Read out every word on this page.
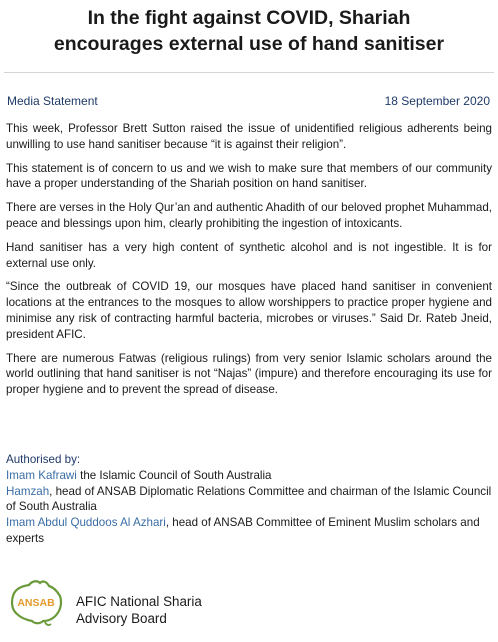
In the fight against COVID, Shariah
encourages external use of hand sanitiser
Media Statement	18 September 2020

This week, Professor Brett Sutton raised the issue of unidentified religious adherents being unwilling to use hand sanitiser because “it is against their religion”.

This statement is of concern to us and we wish to make sure that members of our community have a proper understanding of the Shariah position on hand sanitiser.

There are verses in the Holy Qur’an and authentic Ahadith of our beloved prophet Muhammad, peace and blessings upon him, clearly prohibiting the ingestion of intoxicants.

Hand sanitiser has a very high content of synthetic alcohol and is not ingestible. It is for external use only.

“Since the outbreak of COVID 19, our mosques have placed hand sanitiser in convenient locations at the entrances to the mosques to allow worshippers to practice proper hygiene and minimise any risk of contracting harmful bacteria, microbes or viruses.” Said Dr. Rateb Jneid, president AFIC.

There are numerous Fatwas (religious rulings) from very senior Islamic scholars around the world outlining that hand sanitiser is not “Najas” (impure) and therefore encouraging its use for proper hygiene and to prevent the spread of disease.

Authorised by:
Imam Kafrawi the Islamic Council of South Australia
Hamzah, head of ANSAB Diplomatic Relations Committee and chairman of the Islamic Council of South Australia
Imam Abdul Quddoos Al Azhari, head of ANSAB Committee of Eminent Muslim scholars and experts
ANSAB AFIC National Sharia
Advisory Board
